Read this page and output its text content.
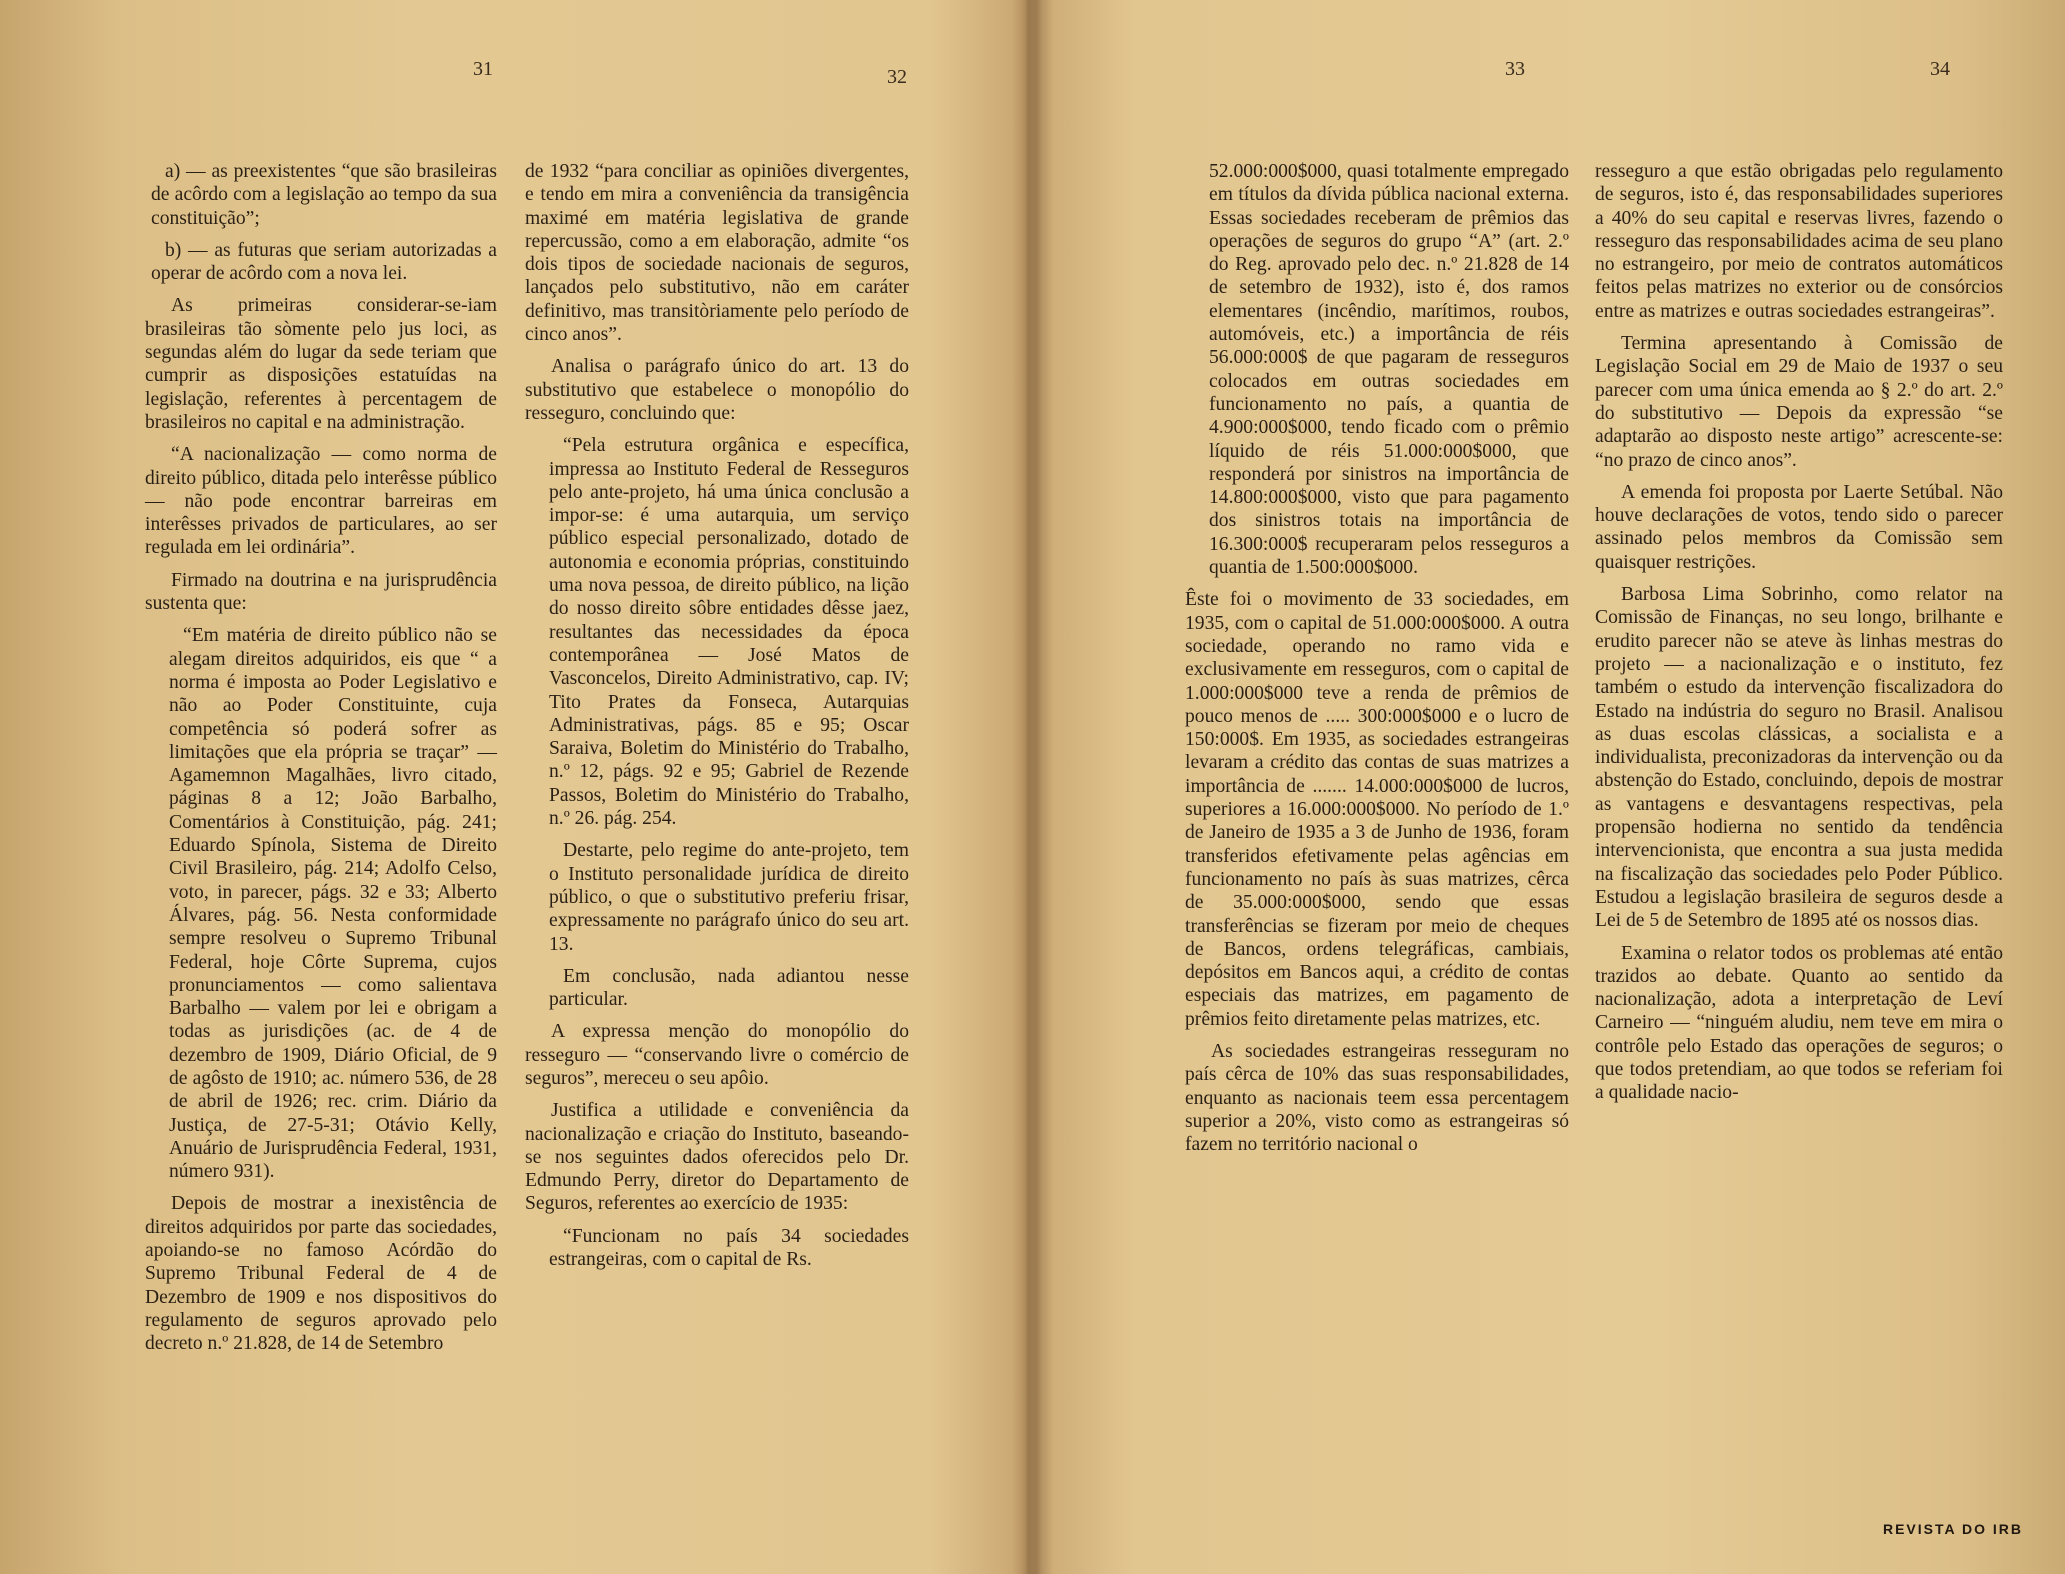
31	32

a) — as preexistentes “que são brasileiras de acôrdo com a legislação ao tempo da sua constituição”;

b) — as futuras que seriam autorizadas a operar de acôrdo com a nova lei.

As primeiras considerar-se-iam brasileiras tão sòmente pelo jus loci, as segundas além do lugar da sede teriam que cumprir as disposições estatuídas na legislação, referentes à percentagem de brasileiros no capital e na administração.

“A nacionalização — como norma de direito público, ditada pelo interêsse público — não pode encontrar barreiras em interêsses privados de particulares, ao ser regulada em lei ordinária”.

Firmado na doutrina e na jurisprudência sustenta que:

“Em matéria de direito público não se alegam direitos adquiridos, eis que “ a norma é imposta ao Poder Legislativo e não ao Poder Constituinte, cuja competência só poderá sofrer as limitações que ela própria se traçar” — Agamemnon Magalhães, livro citado, páginas 8 a 12; João Barbalho, Comentários à Constituição, pág. 241; Eduardo Spínola, Sistema de Direito Civil Brasileiro, pág. 214; Adolfo Celso, voto, in parecer, págs. 32 e 33; Alberto Álvares, pág. 56. Nesta conformidade sempre resolveu o Supremo Tribunal Federal, hoje Côrte Suprema, cujos pronunciamentos — como salientava Barbalho — valem por lei e obrigam a todas as jurisdições (ac. de 4 de dezembro de 1909, Diário Oficial, de 9 de agôsto de 1910; ac. número 536, de 28 de abril de 1926; rec. crim. Diário da Justiça, de 27-5-31; Otávio Kelly, Anuário de Jurisprudência Federal, 1931, número 931).

Depois de mostrar a inexistência de direitos adquiridos por parte das sociedades, apoiando-se no famoso Acórdão do Supremo Tribunal Federal de 4 de Dezembro de 1909 e nos dispositivos do regulamento de seguros aprovado pelo decreto n.º 21.828, de 14 de Setembro

de 1932 “para conciliar as opiniões divergentes, e tendo em mira a conveniência da transigência maximé em matéria legislativa de grande repercussão, como a em elaboração, admite “os dois tipos de sociedade nacionais de seguros, lançados pelo substitutivo, não em caráter definitivo, mas transitòriamente pelo período de cinco anos”.

Analisa o parágrafo único do art. 13 do substitutivo que estabelece o monopólio do resseguro, concluindo que:

“Pela estrutura orgânica e específica, impressa ao Instituto Federal de Resseguros pelo ante-projeto, há uma única conclusão a impor-se: é uma autarquia, um serviço público especial personalizado, dotado de autonomia e economia próprias, constituindo uma nova pessoa, de direito público, na lição do nosso direito sôbre entidades dêsse jaez, resultantes das necessidades da época contemporânea — José Matos de Vasconcelos, Direito Administrativo, cap. IV; Tito Prates da Fonseca, Autarquias Administrativas, págs. 85 e 95; Oscar Saraiva, Boletim do Ministério do Trabalho, n.º 12, págs. 92 e 95; Gabriel de Rezende Passos, Boletim do Ministério do Trabalho, n.º 26. pág. 254.

Destarte, pelo regime do ante-projeto, tem o Instituto personalidade jurídica de direito público, o que o substitutivo preferiu frisar, expressamente no parágrafo único do seu art. 13.

Em conclusão, nada adiantou nesse particular.

A expressa menção do monopólio do resseguro — “conservando livre o comércio de seguros”, mereceu o seu apôio.

Justifica a utilidade e conveniência da nacionalização e criação do Instituto, baseando-se nos seguintes dados oferecidos pelo Dr. Edmundo Perry, diretor do Departamento de Seguros, referentes ao exercício de 1935:

“Funcionam no país 34 sociedades estrangeiras, com o capital de Rs.

33	34

52.000:000$000, quasi totalmente empregado em títulos da dívida pública nacional externa. Essas sociedades receberam de prêmios das operações de seguros do grupo “A” (art. 2.º do Reg. aprovado pelo dec. n.º 21.828 de 14 de setembro de 1932), isto é, dos ramos elementares (incêndio, marítimos, roubos, automóveis, etc.) a importância de réis 56.000:000$ de que pagaram de resseguros colocados em outras sociedades em funcionamento no país, a quantia de 4.900:000$000, tendo ficado com o prêmio líquido de réis 51.000:000$000, que responderá por sinistros na importância de 14.800:000$000, visto que para pagamento dos sinistros totais na importância de 16.300:000$ recuperaram pelos resseguros a quantia de 1.500:000$000.

Êste foi o movimento de 33 sociedades, em 1935, com o capital de 51.000:000$000. A outra sociedade, operando no ramo vida e exclusivamente em resseguros, com o capital de 1.000:000$000 teve a renda de prêmios de pouco menos de ..... 300:000$000 e o lucro de 150:000$. Em 1935, as sociedades estrangeiras levaram a crédito das contas de suas matrizes a importância de ....... 14.000:000$000 de lucros, superiores a 16.000:000$000. No período de 1.º de Janeiro de 1935 a 3 de Junho de 1936, foram transferidos efetivamente pelas agências em funcionamento no país às suas matrizes, cêrca de 35.000:000$000, sendo que essas transferências se fizeram por meio de cheques de Bancos, ordens telegráficas, cambiais, depósitos em Bancos aqui, a crédito de contas especiais das matrizes, em pagamento de prêmios feito diretamente pelas matrizes, etc.

As sociedades estrangeiras resseguram no país cêrca de 10% das suas responsabilidades, enquanto as nacionais teem essa percentagem superior a 20%, visto como as estrangeiras só fazem no território nacional o

resseguro a que estão obrigadas pelo regulamento de seguros, isto é, das responsabilidades superiores a 40% do seu capital e reservas livres, fazendo o resseguro das responsabilidades acima de seu plano no estrangeiro, por meio de contratos automáticos feitos pelas matrizes no exterior ou de consórcios entre as matrizes e outras sociedades estrangeiras”.

Termina apresentando à Comissão de Legislação Social em 29 de Maio de 1937 o seu parecer com uma única emenda ao § 2.º do art. 2.º do substitutivo — Depois da expressão “se adaptarão ao disposto neste artigo” acrescente-se: “no prazo de cinco anos”.

A emenda foi proposta por Laerte Setúbal. Não houve declarações de votos, tendo sido o parecer assinado pelos membros da Comissão sem quaisquer restrições.

Barbosa Lima Sobrinho, como relator na Comissão de Finanças, no seu longo, brilhante e erudito parecer não se ateve às linhas mestras do projeto — a nacionalização e o instituto, fez também o estudo da intervenção fiscalizadora do Estado na indústria do seguro no Brasil. Analisou as duas escolas clássicas, a socialista e a individualista, preconizadoras da intervenção ou da abstenção do Estado, concluindo, depois de mostrar as vantagens e desvantagens respectivas, pela propensão hodierna no sentido da tendência intervencionista, que encontra a sua justa medida na fiscalização das sociedades pelo Poder Público. Estudou a legislação brasileira de seguros desde a Lei de 5 de Setembro de 1895 até os nossos dias.

Examina o relator todos os problemas até então trazidos ao debate. Quanto ao sentido da nacionalização, adota a interpretação de Leví Carneiro — “ninguém aludiu, nem teve em mira o contrôle pelo Estado das operações de seguros; o que todos pretendiam, ao que todos se referiam foi a qualidade nacio-

REVISTA DO IRB
